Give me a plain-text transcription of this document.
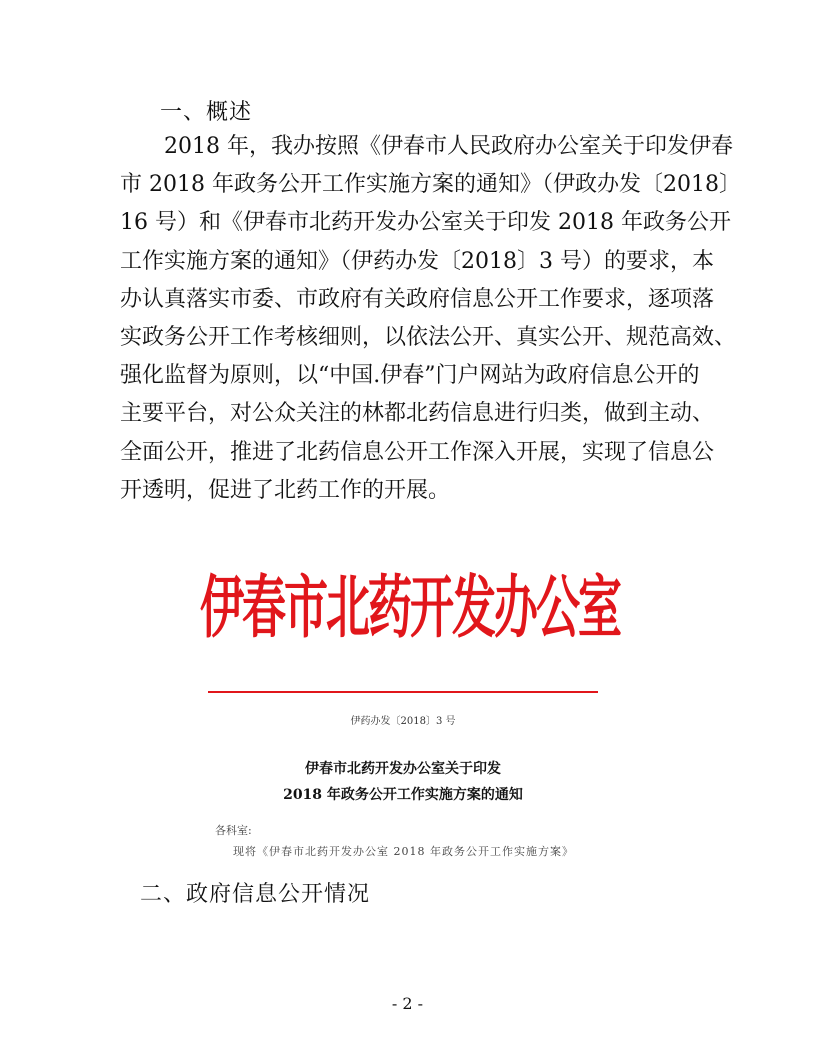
一、概述

2018 年，我办按照《伊春市人民政府办公室关于印发伊春
市 2018 年政务公开工作实施方案的通知》（伊政办发〔2018〕
16 号）和《伊春市北药开发办公室关于印发 2018 年政务公开
工作实施方案的通知》（伊药办发〔2018〕3 号）的要求，本
办认真落实市委、市政府有关政府信息公开工作要求，逐项落
实政务公开工作考核细则，以依法公开、真实公开、规范高效、
强化监督为原则，以“中国.伊春”门户网站为政府信息公开的
主要平台，对公众关注的林都北药信息进行归类，做到主动、
全面公开，推进了北药信息公开工作深入开展，实现了信息公
开透明，促进了北药工作的开展。

伊春市北药开发办公室
伊药办发〔2018〕3 号
伊春市北药开发办公室关于印发
2018 年政务公开工作实施方案的通知
各科室:
现将《伊春市北药开发办公室 2018 年政务公开工作实施方案》
二、政府信息公开情况
- 2 -
